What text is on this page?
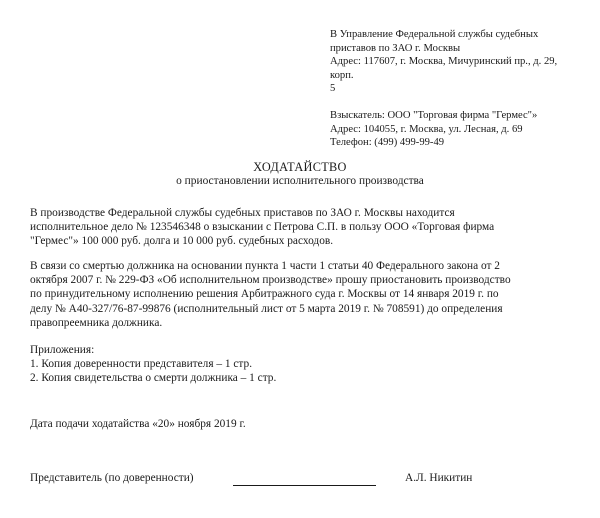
В Управление Федеральной службы судебных
приставов по ЗАО г. Москвы
Адрес: 117607, г. Москва, Мичуринский пр., д. 29,
корп.
5
Взыскатель: ООО "Торговая фирма "Гермес"»
Адрес: 104055, г. Москва, ул. Лесная, д. 69
Телефон: (499) 499-99-49
ХОДАТАЙСТВО
о приостановлении исполнительного производства
В производстве Федеральной службы судебных приставов по ЗАО г. Москвы находится
исполнительное дело № 123546348 о взыскании с Петрова С.П. в пользу ООО «Торговая фирма
"Гермес"» 100 000 руб. долга и 10 000 руб. судебных расходов.
В связи со смертью должника на основании пункта 1 части 1 статьи 40 Федерального закона от 2
октября 2007 г. № 229-ФЗ «Об исполнительном производстве» прошу приостановить производство
по принудительному исполнению решения Арбитражного суда г. Москвы от 14 января 2019 г. по
делу № А40-327/76-87-99876 (исполнительный лист от 5 марта 2019 г. № 708591) до определения
правопреемника должника.
Приложения:
1. Копия доверенности представителя – 1 стр.
2. Копия свидетельства о смерти должника – 1 стр.
Дата подачи ходатайства «20» ноября 2019 г.
Представитель (по доверенности)	А.Л. Никитин
